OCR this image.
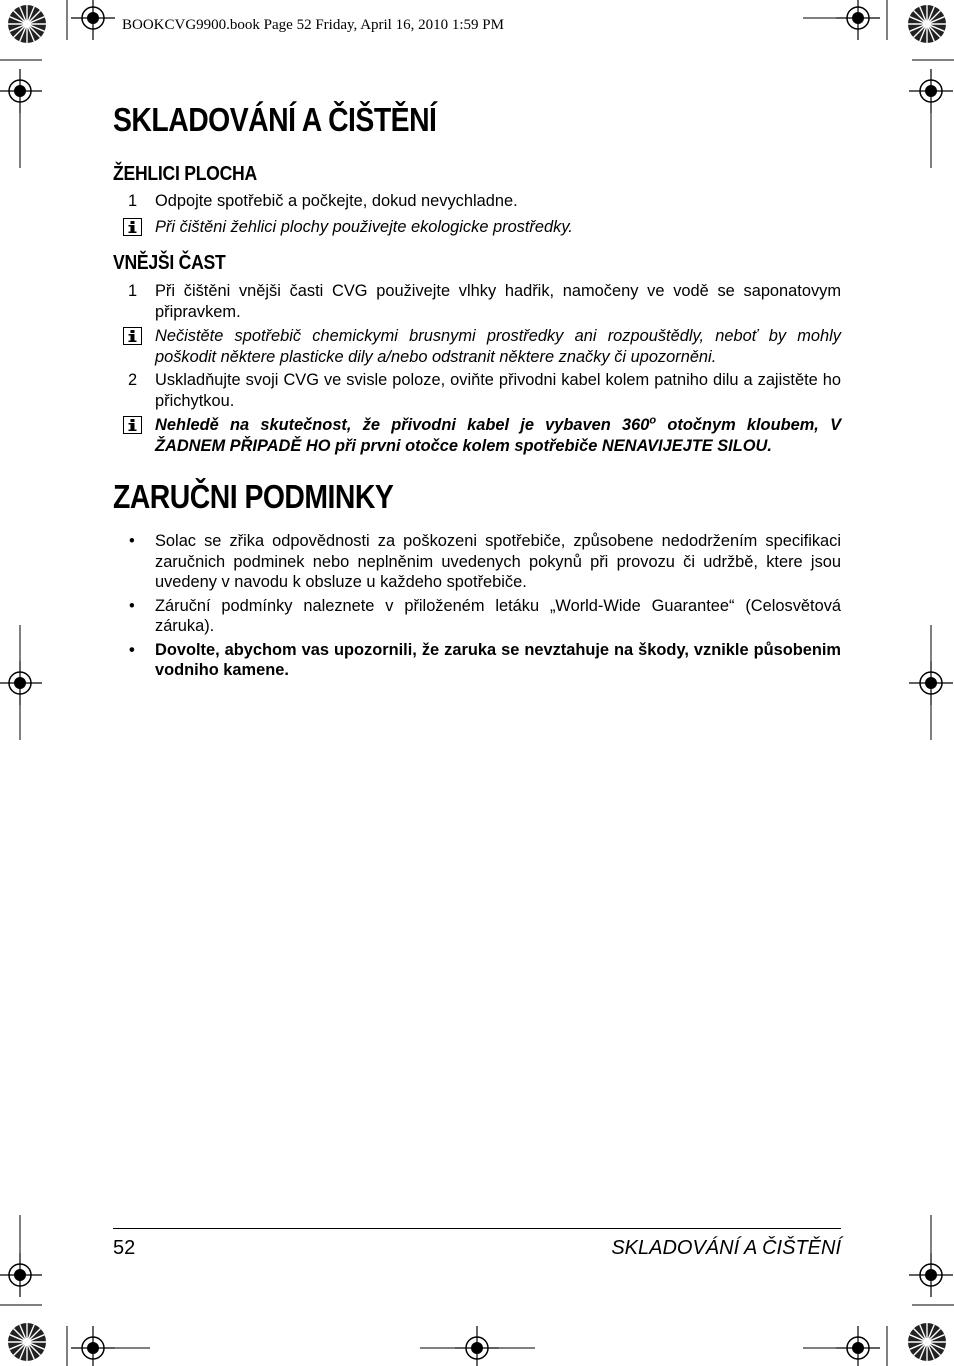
BOOKCVG9900.book Page 52 Friday, April 16, 2010 1:59 PM
SKLADOVÁNÍ A ČIŠTĚNÍ
ŽEHLICI PLOCHA
1 Odpojte spotřebič a počkejte, dokud nevychladne.
Při čištěni žehlici plochy použivejte ekologicke prostředky.
VNĚJŠI ČAST
1 Při čištěni vnějši časti CVG použivejte vlhky hadřik, namočeny ve vodě se saponatovym připravkem.
Nečistěte spotřebič chemickymi brusnymi prostředky ani rozpouštědly, neboť by mohly poškodit některe plasticke dily a/nebo odstranit některe značky či upozorněni.
2 Uskladňujte svoji CVG ve svisle poloze, oviňte přivodni kabel kolem patniho dilu a zajistěte ho přichytkou.
Nehledě na skutečnost, že přivodni kabel je vybaven 360$^o$ otočnym kloubem, V ŽADNEM PŘIPADĚ HO při prvni otočce kolem spotřebiče NENAVIJEJTE SILOU.
ZARUČNI PODMINKY
• Solac se zřika odpovědnosti za poškozeni spotřebiče, způsobene nedodržením specifikaci zaručnich podminek nebo neplněnim uvedenych pokynů při provozu či udržbě, ktere jsou uvedeny v navodu k obsluze u každeho spotřebiče.
• Záruční podmínky naleznete v přiloženém letáku „World-Wide Guarantee“ (Celosvětová záruka).
• Dovolte, abychom vas upozornili, že zaruka se nevztahuje na škody, vznikle působenim vodniho kamene.
52	SKLADOVÁNÍ A ČIŠTĚNÍ
